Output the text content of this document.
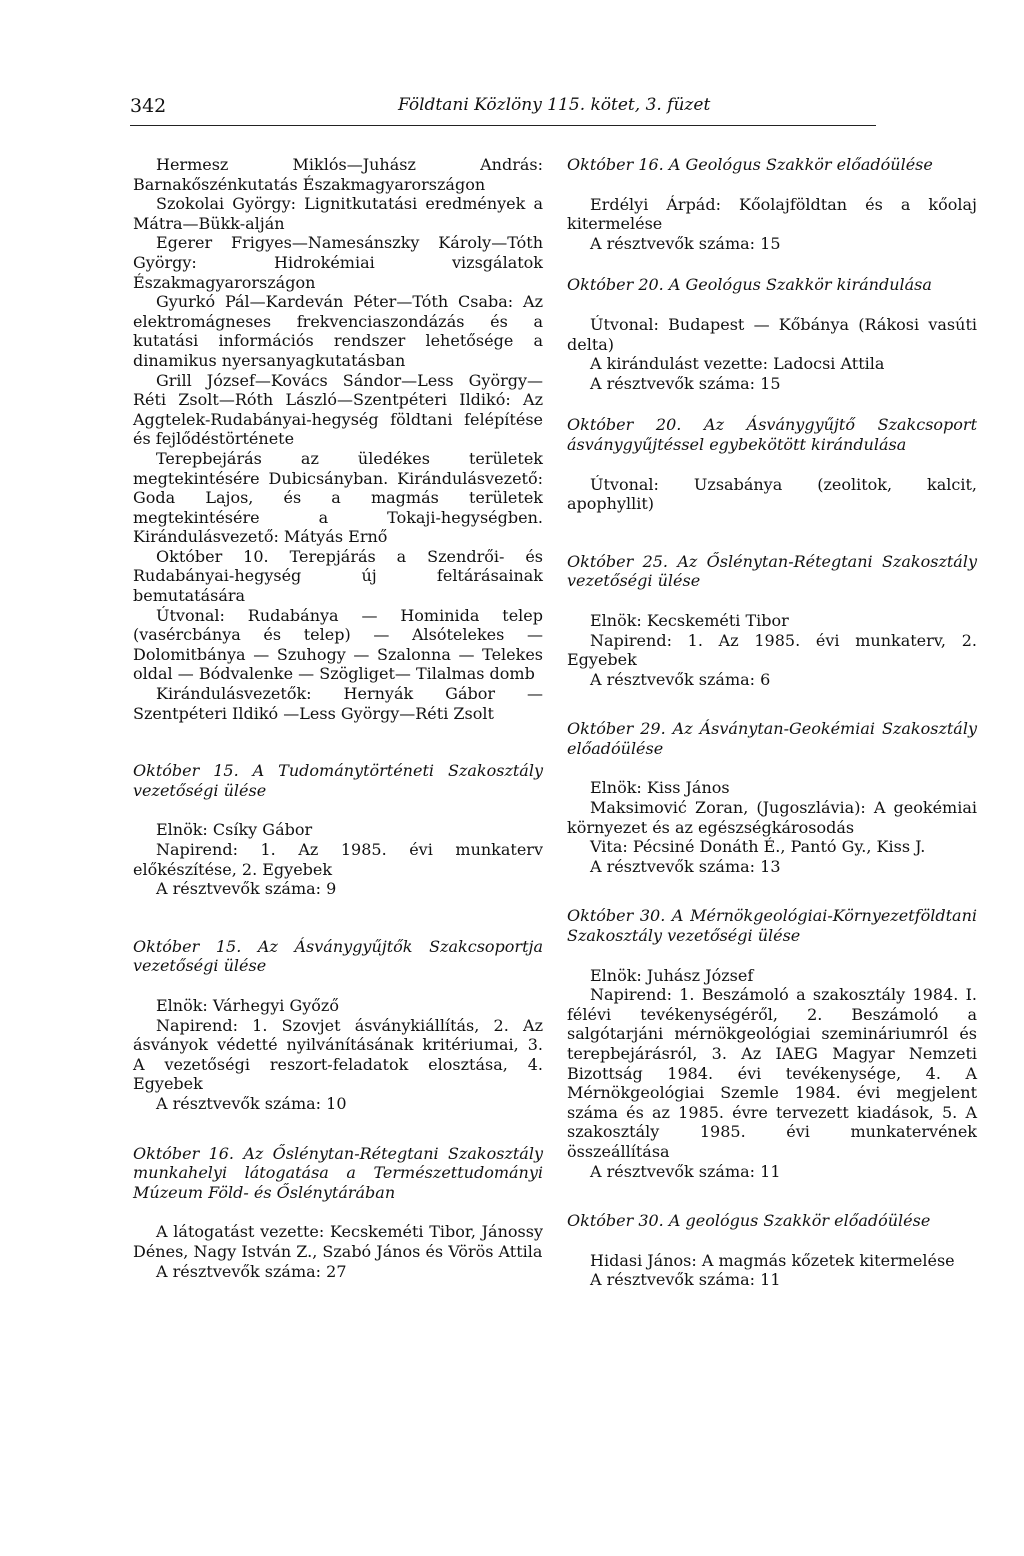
342	Földtani Közlöny 115. kötet, 3. füzet

Hermesz Miklós—Juhász András: Barnakőszénkutatás Északmagyarországon

Szokolai György: Lignitkutatási eredmények a Mátra—Bükk-alján

Egerer Frigyes—Namesánszky Károly—Tóth György: Hidrokémiai vizsgálatok Északmagyarországon

Gyurkó Pál—Kardeván Péter—Tóth Csaba: Az elektromágneses frekvenciaszondázás és a kutatási információs rendszer lehetősége a dinamikus nyersanyagkutatásban

Grill József—Kovács Sándor—Less György—Réti Zsolt—Róth László—Szentpéteri Ildikó: Az Aggtelek-Rudabányai-hegység földtani felépítése és fejlődéstörténete

Terepbejárás az üledékes területek megtekintésére Dubicsányban. Kirándulásvezető: Goda Lajos, és a magmás területek megtekintésére a Tokaji-hegységben. Kirándulásvezető: Mátyás Ernő

Október 10. Terepjárás a Szendrői- és Rudabányai-hegység új feltárásainak bemutatására

Útvonal: Rudabánya — Hominida telep (vasércbánya és telep) — Alsótelekes — Dolomitbánya — Szuhogy — Szalonna — Telekes oldal — Bódvalenke — Szögliget— Tilalmas domb

Kirándulásvezetők: Hernyák Gábor — Szentpéteri Ildikó —Less György—Réti Zsolt

Október 15. A Tudománytörténeti Szakosztály vezetőségi ülése

Elnök: Csíky Gábor

Napirend: 1. Az 1985. évi munkaterv előkészítése, 2. Egyebek

A résztvevők száma: 9

Október 15. Az Ásványgyűjtők Szakcsoportja vezetőségi ülése

Elnök: Várhegyi Győző

Napirend: 1. Szovjet ásványkiállítás, 2. Az ásványok védetté nyilvánításának kritériumai, 3. A vezetőségi reszort-feladatok elosztása, 4. Egyebek

A résztvevők száma: 10

Október 16. Az Őslénytan-Rétegtani Szakosztály munkahelyi látogatása a Természettudományi Múzeum Föld- és Őslénytárában

A látogatást vezette: Kecskeméti Tibor, Jánossy Dénes, Nagy István Z., Szabó János és Vörös Attila

A résztvevők száma: 27

Október 16. A Geológus Szakkör előadóülése

Erdélyi Árpád: Kőolajföldtan és a kőolaj kitermelése

A résztvevők száma: 15

Október 20. A Geológus Szakkör kirándulása

Útvonal: Budapest — Kőbánya (Rákosi vasúti delta)

A kirándulást vezette: Ladocsi Attila

A résztvevők száma: 15

Október 20. Az Ásványgyűjtő Szakcsoport ásványgyűjtéssel egybekötött kirándulása

Útvonal: Uzsabánya (zeolitok, kalcit, apophyllit)

Október 25. Az Őslénytan-Rétegtani Szakosztály vezetőségi ülése

Elnök: Kecskeméti Tibor

Napirend: 1. Az 1985. évi munkaterv, 2. Egyebek

A résztvevők száma: 6

Október 29. Az Ásványtan-Geokémiai Szakosztály előadóülése

Elnök: Kiss János

Maksimović Zoran, (Jugoszlávia): A geokémiai környezet és az egészségkárosodás

Vita: Pécsiné Donáth É., Pantó Gy., Kiss J.

A résztvevők száma: 13

Október 30. A Mérnökgeológiai-Környezetföldtani Szakosztály vezetőségi ülése

Elnök: Juhász József

Napirend: 1. Beszámoló a szakosztály 1984. I. félévi tevékenységéről, 2. Beszámoló a salgótarjáni mérnökgeológiai szemináriumról és terepbejárásról, 3. Az IAEG Magyar Nemzeti Bizottság 1984. évi tevékenysége, 4. A Mérnökgeológiai Szemle 1984. évi megjelent száma és az 1985. évre tervezett kiadások, 5. A szakosztály 1985. évi munkatervének összeállítása

A résztvevők száma: 11

Október 30. A geológus Szakkör előadóülése

Hidasi János: A magmás kőzetek kitermelése

A résztvevők száma: 11
